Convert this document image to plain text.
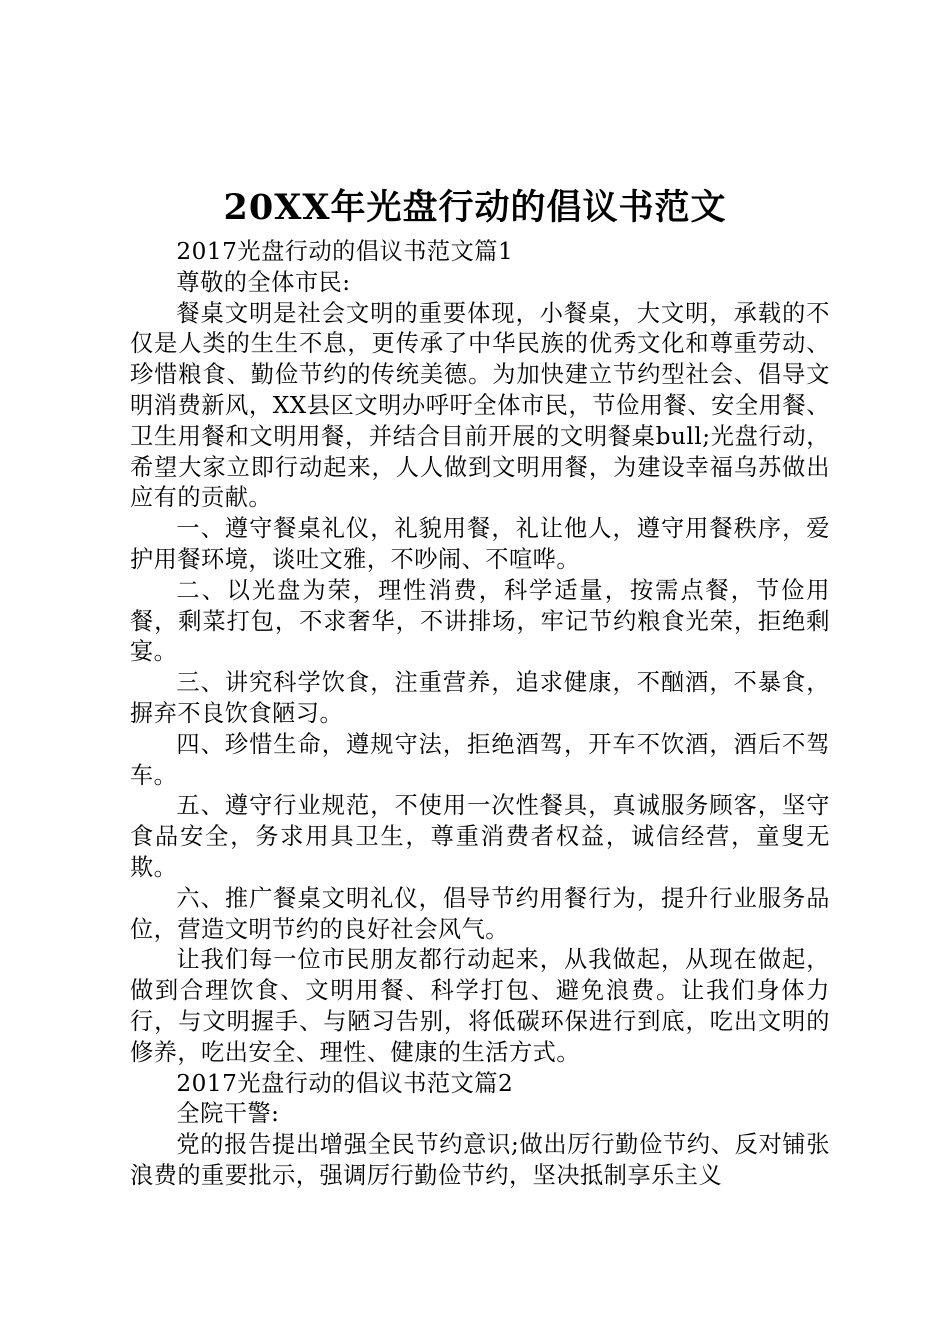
20XX年光盘行动的倡议书范文

2017光盘行动的倡议书范文篇1

尊敬的全体市民:

餐桌文明是社会文明的重要体现，小餐桌，大文明，承载的不仅是人类的生生不息，更传承了中华民族的优秀文化和尊重劳动、珍惜粮食、勤俭节约的传统美德。为加快建立节约型社会、倡导文明消费新风，XX县区文明办呼吁全体市民，节俭用餐、安全用餐、卫生用餐和文明用餐，并结合目前开展的文明餐桌bull;光盘行动，希望大家立即行动起来，人人做到文明用餐，为建设幸福乌苏做出应有的贡献。

一、遵守餐桌礼仪，礼貌用餐，礼让他人，遵守用餐秩序，爱护用餐环境，谈吐文雅，不吵闹、不喧哗。

二、以光盘为荣，理性消费，科学适量，按需点餐，节俭用餐，剩菜打包，不求奢华，不讲排场，牢记节约粮食光荣，拒绝剩宴。

三、讲究科学饮食，注重营养，追求健康，不酗酒，不暴食，摒弃不良饮食陋习。

四、珍惜生命，遵规守法，拒绝酒驾，开车不饮酒，酒后不驾车。

五、遵守行业规范，不使用一次性餐具，真诚服务顾客，坚守食品安全，务求用具卫生，尊重消费者权益，诚信经营，童叟无欺。

六、推广餐桌文明礼仪，倡导节约用餐行为，提升行业服务品位，营造文明节约的良好社会风气。

让我们每一位市民朋友都行动起来，从我做起，从现在做起，做到合理饮食、文明用餐、科学打包、避免浪费。让我们身体力行，与文明握手、与陋习告别，将低碳环保进行到底，吃出文明的修养，吃出安全、理性、健康的生活方式。

2017光盘行动的倡议书范文篇2

全院干警:

党的报告提出增强全民节约意识;做出厉行勤俭节约、反对铺张浪费的重要批示，强调厉行勤俭节约，坚决抵制享乐主义
